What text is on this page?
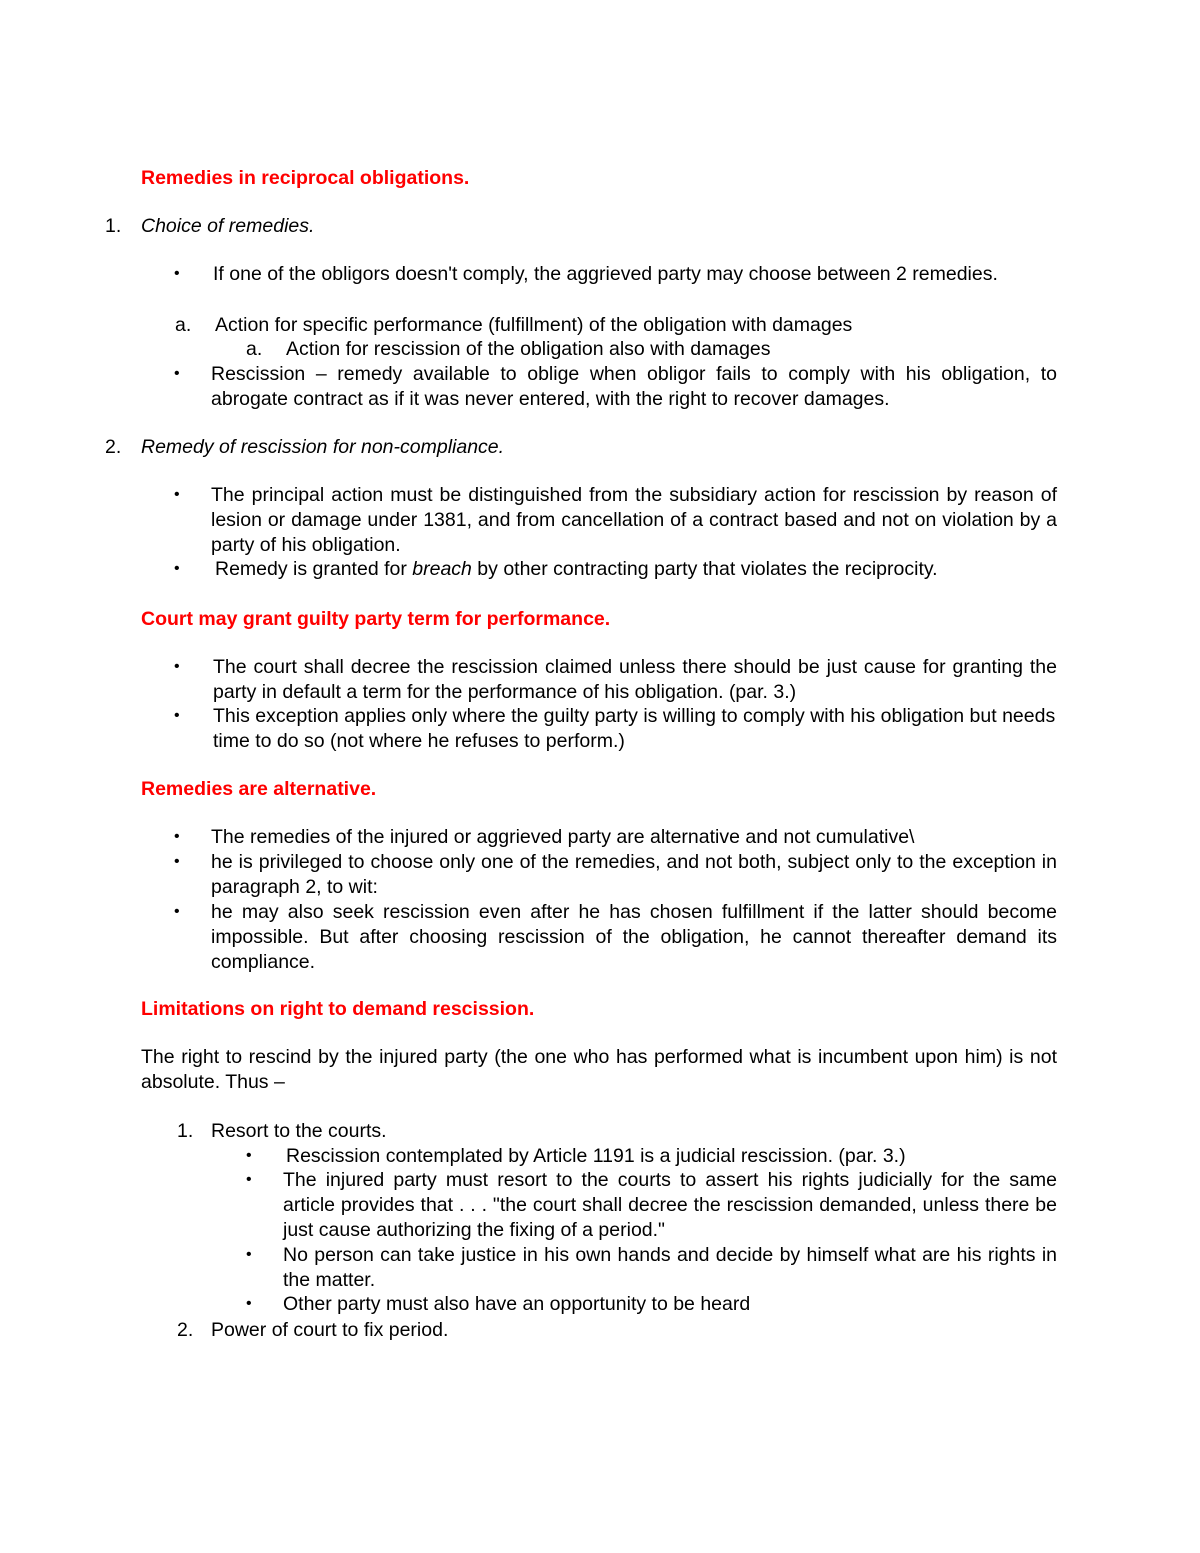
Remedies in reciprocal obligations.
1. Choice of remedies.
• If one of the obligors doesn't comply, the aggrieved party may choose between 2 remedies.
a. Action for specific performance (fulfillment) of the obligation with damages
a. Action for rescission of the obligation also with damages
• Rescission – remedy available to oblige when obligor fails to comply with his obligation, to abrogate contract as if it was never entered, with the right to recover damages.
2. Remedy of rescission for non-compliance.
• The principal action must be distinguished from the subsidiary action for rescission by reason of lesion or damage under 1381, and from cancellation of a contract based and not on violation by a party of his obligation.
• Remedy is granted for breach by other contracting party that violates the reciprocity.
Court may grant guilty party term for performance.
• The court shall decree the rescission claimed unless there should be just cause for granting the party in default a term for the performance of his obligation. (par. 3.)
• This exception applies only where the guilty party is willing to comply with his obligation but needs time to do so (not where he refuses to perform.)
Remedies are alternative.
• The remedies of the injured or aggrieved party are alternative and not cumulative\
• he is privileged to choose only one of the remedies, and not both, subject only to the exception in paragraph 2, to wit:
• he may also seek rescission even after he has chosen fulfillment if the latter should become impossible. But after choosing rescission of the obligation, he cannot thereafter demand its compliance.
Limitations on right to demand rescission.
The right to rescind by the injured party (the one who has performed what is incumbent upon him) is not absolute. Thus –
1. Resort to the courts.
• Rescission contemplated by Article 1191 is a judicial rescission. (par. 3.)
• The injured party must resort to the courts to assert his rights judicially for the same article provides that . . . "the court shall decree the rescission demanded, unless there be just cause authorizing the fixing of a period."
• No person can take justice in his own hands and decide by himself what are his rights in the matter.
• Other party must also have an opportunity to be heard
2. Power of court to fix period.
